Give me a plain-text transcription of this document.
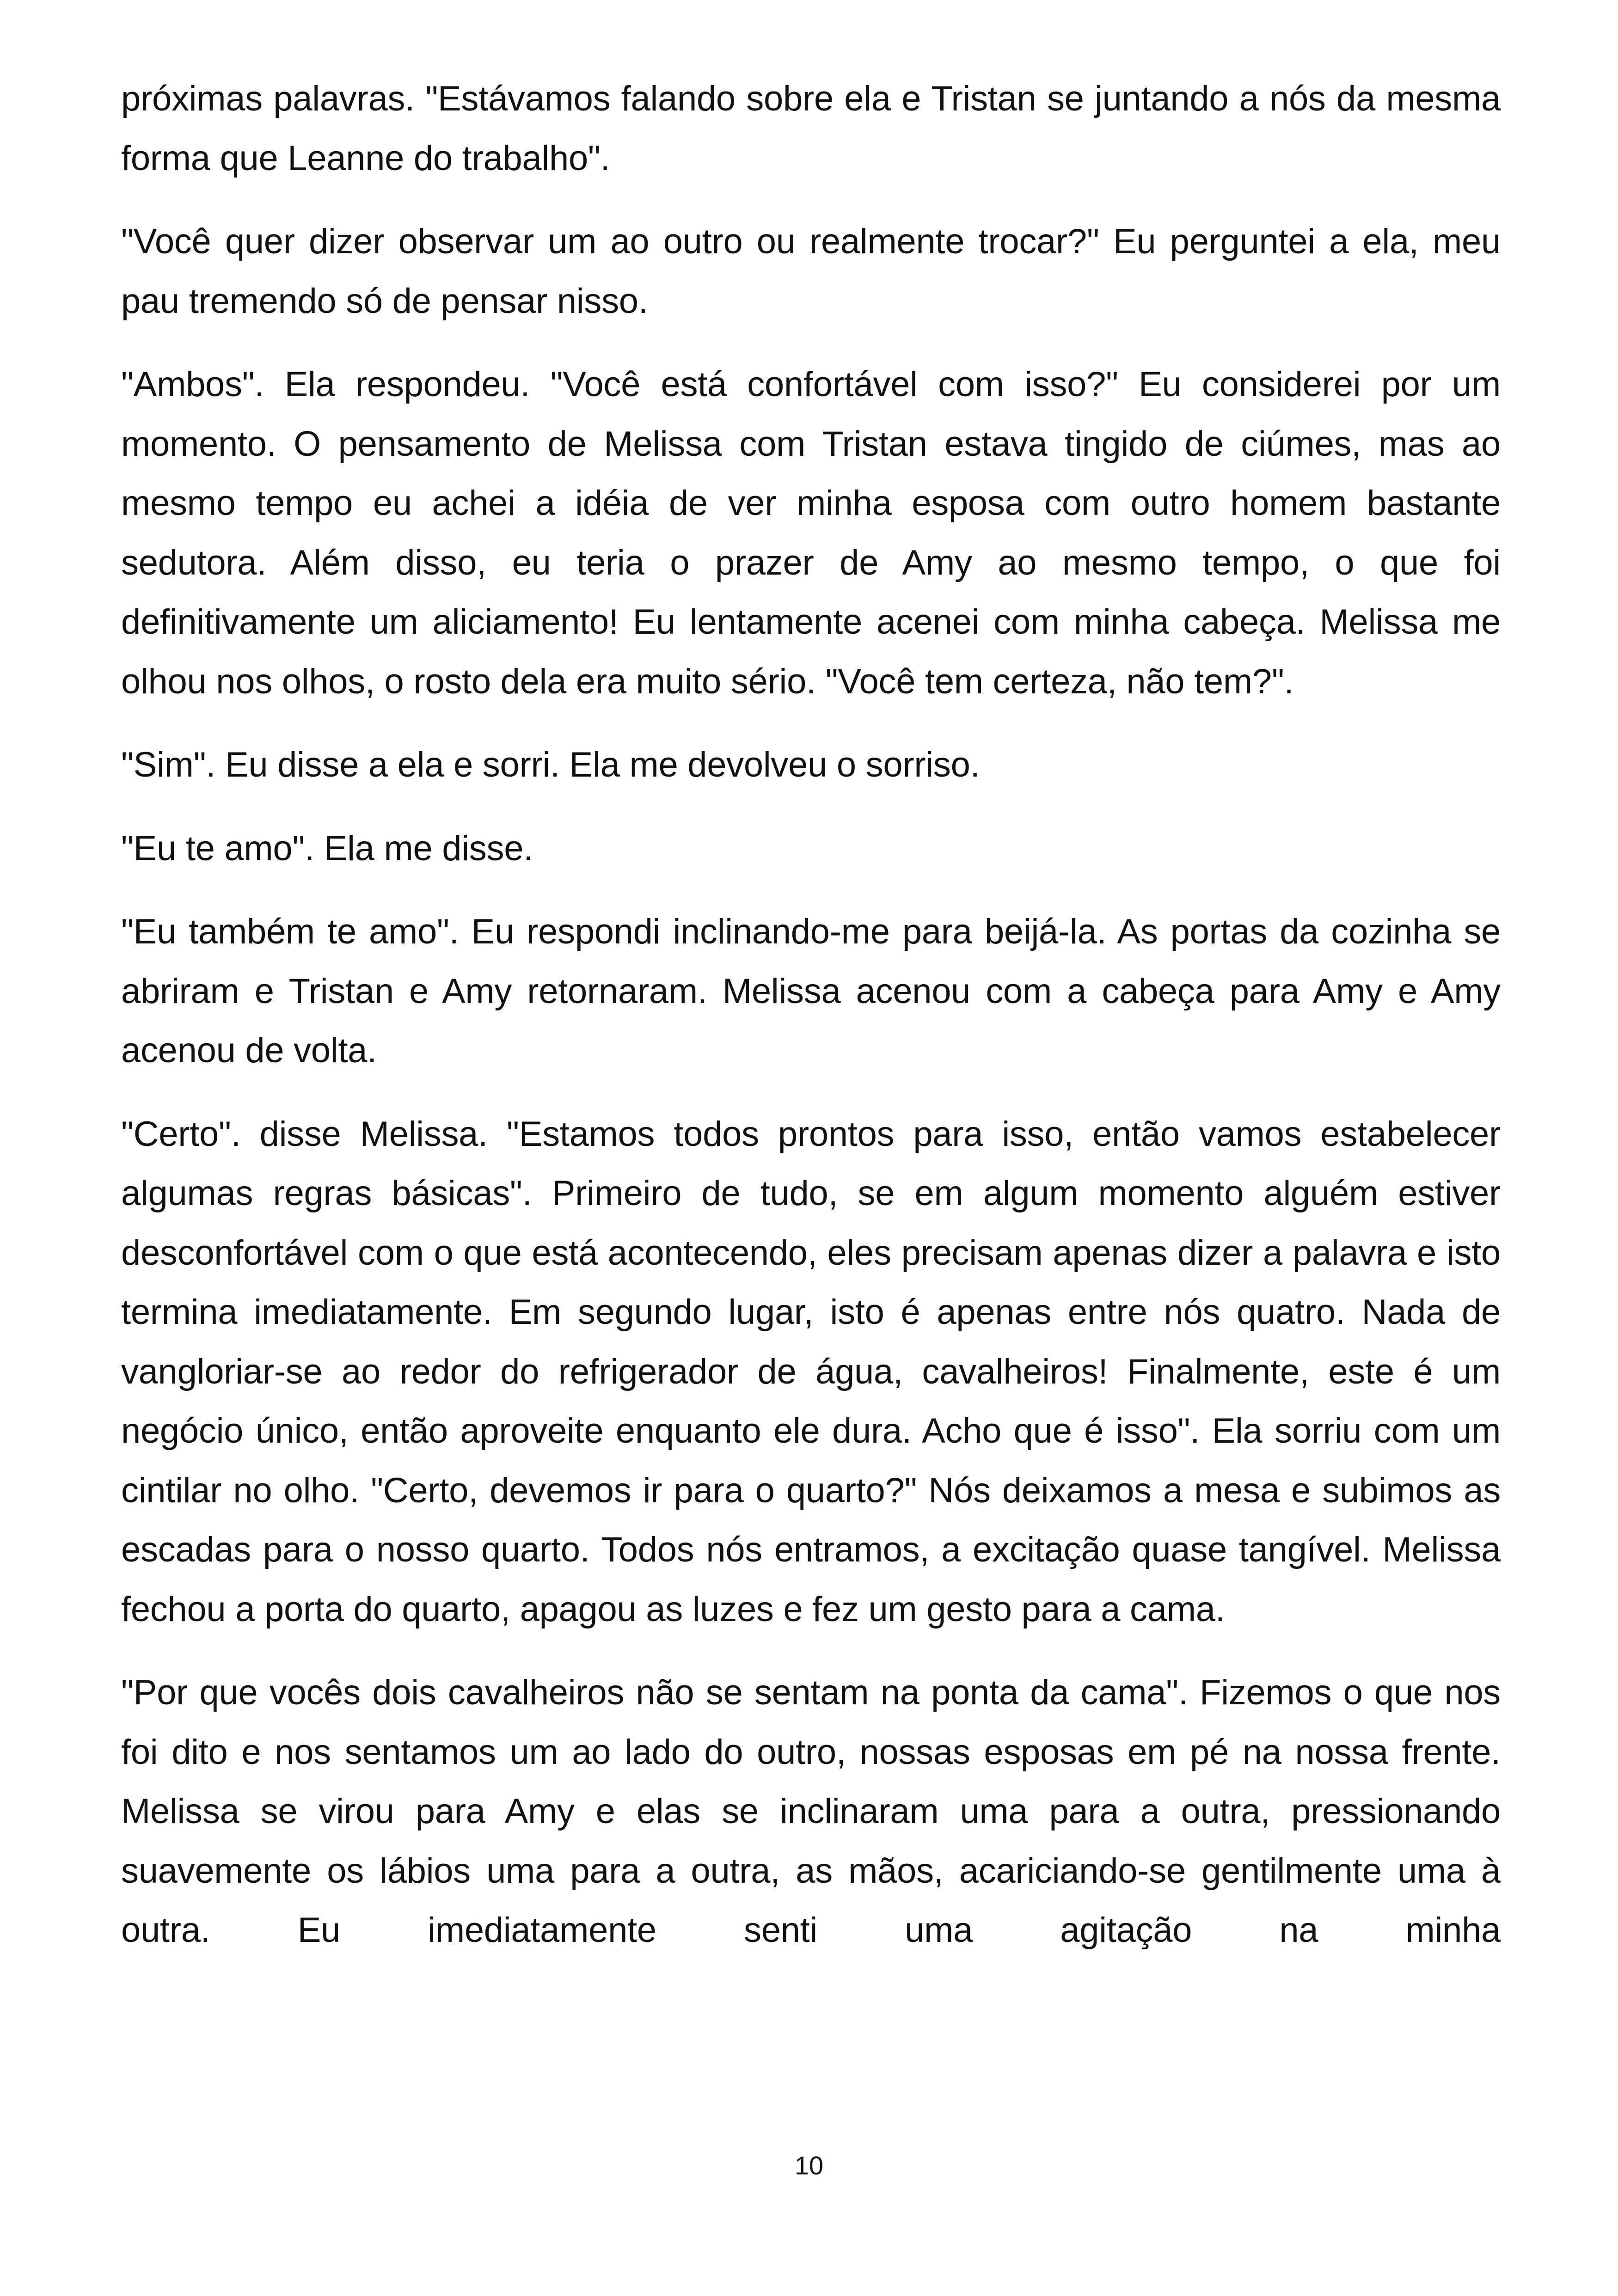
próximas palavras. "Estávamos falando sobre ela e Tristan se juntando a nós da mesma forma que Leanne do trabalho".

"Você quer dizer observar um ao outro ou realmente trocar?" Eu perguntei a ela, meu pau tremendo só de pensar nisso.

"Ambos". Ela respondeu. "Você está confortável com isso?" Eu considerei por um momento. O pensamento de Melissa com Tristan estava tingido de ciúmes, mas ao mesmo tempo eu achei a idéia de ver minha esposa com outro homem bastante sedutora. Além disso, eu teria o prazer de Amy ao mesmo tempo, o que foi definitivamente um aliciamento! Eu lentamente acenei com minha cabeça. Melissa me olhou nos olhos, o rosto dela era muito sério. "Você tem certeza, não tem?".

"Sim". Eu disse a ela e sorri. Ela me devolveu o sorriso.

"Eu te amo". Ela me disse.

"Eu também te amo". Eu respondi inclinando-me para beijá-la. As portas da cozinha se abriram e Tristan e Amy retornaram. Melissa acenou com a cabeça para Amy e Amy acenou de volta.

"Certo". disse Melissa. "Estamos todos prontos para isso, então vamos estabelecer algumas regras básicas". Primeiro de tudo, se em algum momento alguém estiver desconfortável com o que está acontecendo, eles precisam apenas dizer a palavra e isto termina imediatamente. Em segundo lugar, isto é apenas entre nós quatro. Nada de vangloriar-se ao redor do refrigerador de água, cavalheiros! Finalmente, este é um negócio único, então aproveite enquanto ele dura. Acho que é isso". Ela sorriu com um cintilar no olho. "Certo, devemos ir para o quarto?" Nós deixamos a mesa e subimos as escadas para o nosso quarto. Todos nós entramos, a excitação quase tangível. Melissa fechou a porta do quarto, apagou as luzes e fez um gesto para a cama.

"Por que vocês dois cavalheiros não se sentam na ponta da cama". Fizemos o que nos foi dito e nos sentamos um ao lado do outro, nossas esposas em pé na nossa frente. Melissa se virou para Amy e elas se inclinaram uma para a outra, pressionando suavemente os lábios uma para a outra, as mãos, acariciando-se gentilmente uma à outra. Eu imediatamente senti uma agitação na minha

10
